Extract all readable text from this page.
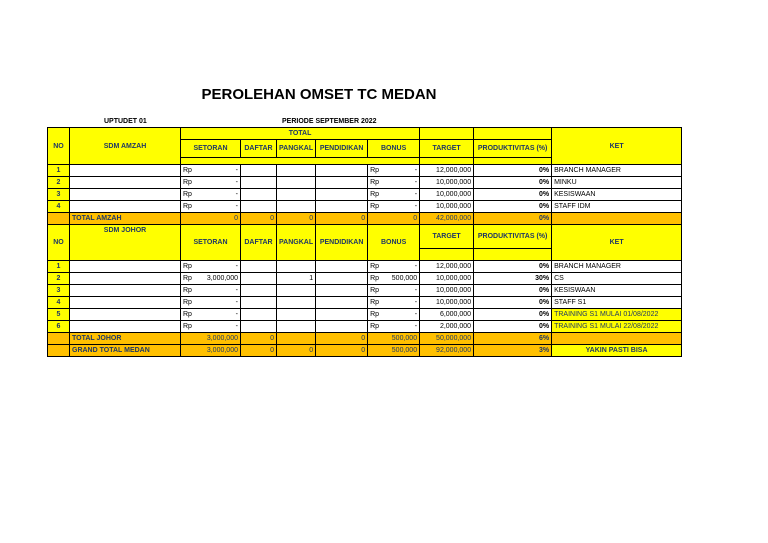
PEROLEHAN OMSET TC MEDAN
UPTUDET 01	PERIODE SEPTEMBER 2022
NO	SDM AMZAH	TOTAL							KET
		SETORAN	DAFTAR	PANGKAL	PENDIDIKAN	BONUS	TARGET	PRODUKTIVITAS (%)	

1		Rp -				Rp -	12,000,000	0%	BRANCH MANAGER
2		Rp -				Rp -	10,000,000	0%	MINKU
3		Rp -				Rp -	10,000,000	0%	KESISWAAN
4		Rp -				Rp -	10,000,000	0%	STAFF IDM
	TOTAL AMZAH	0	0	0	0	0	42,000,000	0%	
NO	SDM JOHOR	SETORAN	DAFTAR	PANGKAL	PENDIDIKAN	BONUS	TARGET	PRODUKTIVITAS (%)	KET

1		Rp -				Rp -	12,000,000	0%	BRANCH MANAGER
2		Rp 3,000,000		1		Rp 500,000	10,000,000	30%	CS
3		Rp -				Rp -	10,000,000	0%	KESISWAAN
4		Rp -				Rp -	10,000,000	0%	STAFF S1
5		Rp -				Rp -	6,000,000	0%	TRAINING S1 MULAI 01/08/2022
6		Rp -				Rp -	2,000,000	0%	TRAINING S1 MULAI 22/08/2022
	TOTAL JOHOR	3,000,000	0		0	500,000	50,000,000	6%	
	GRAND TOTAL MEDAN	3,000,000	0	0	0	500,000	92,000,000	3%	YAKIN PASTI BISA
